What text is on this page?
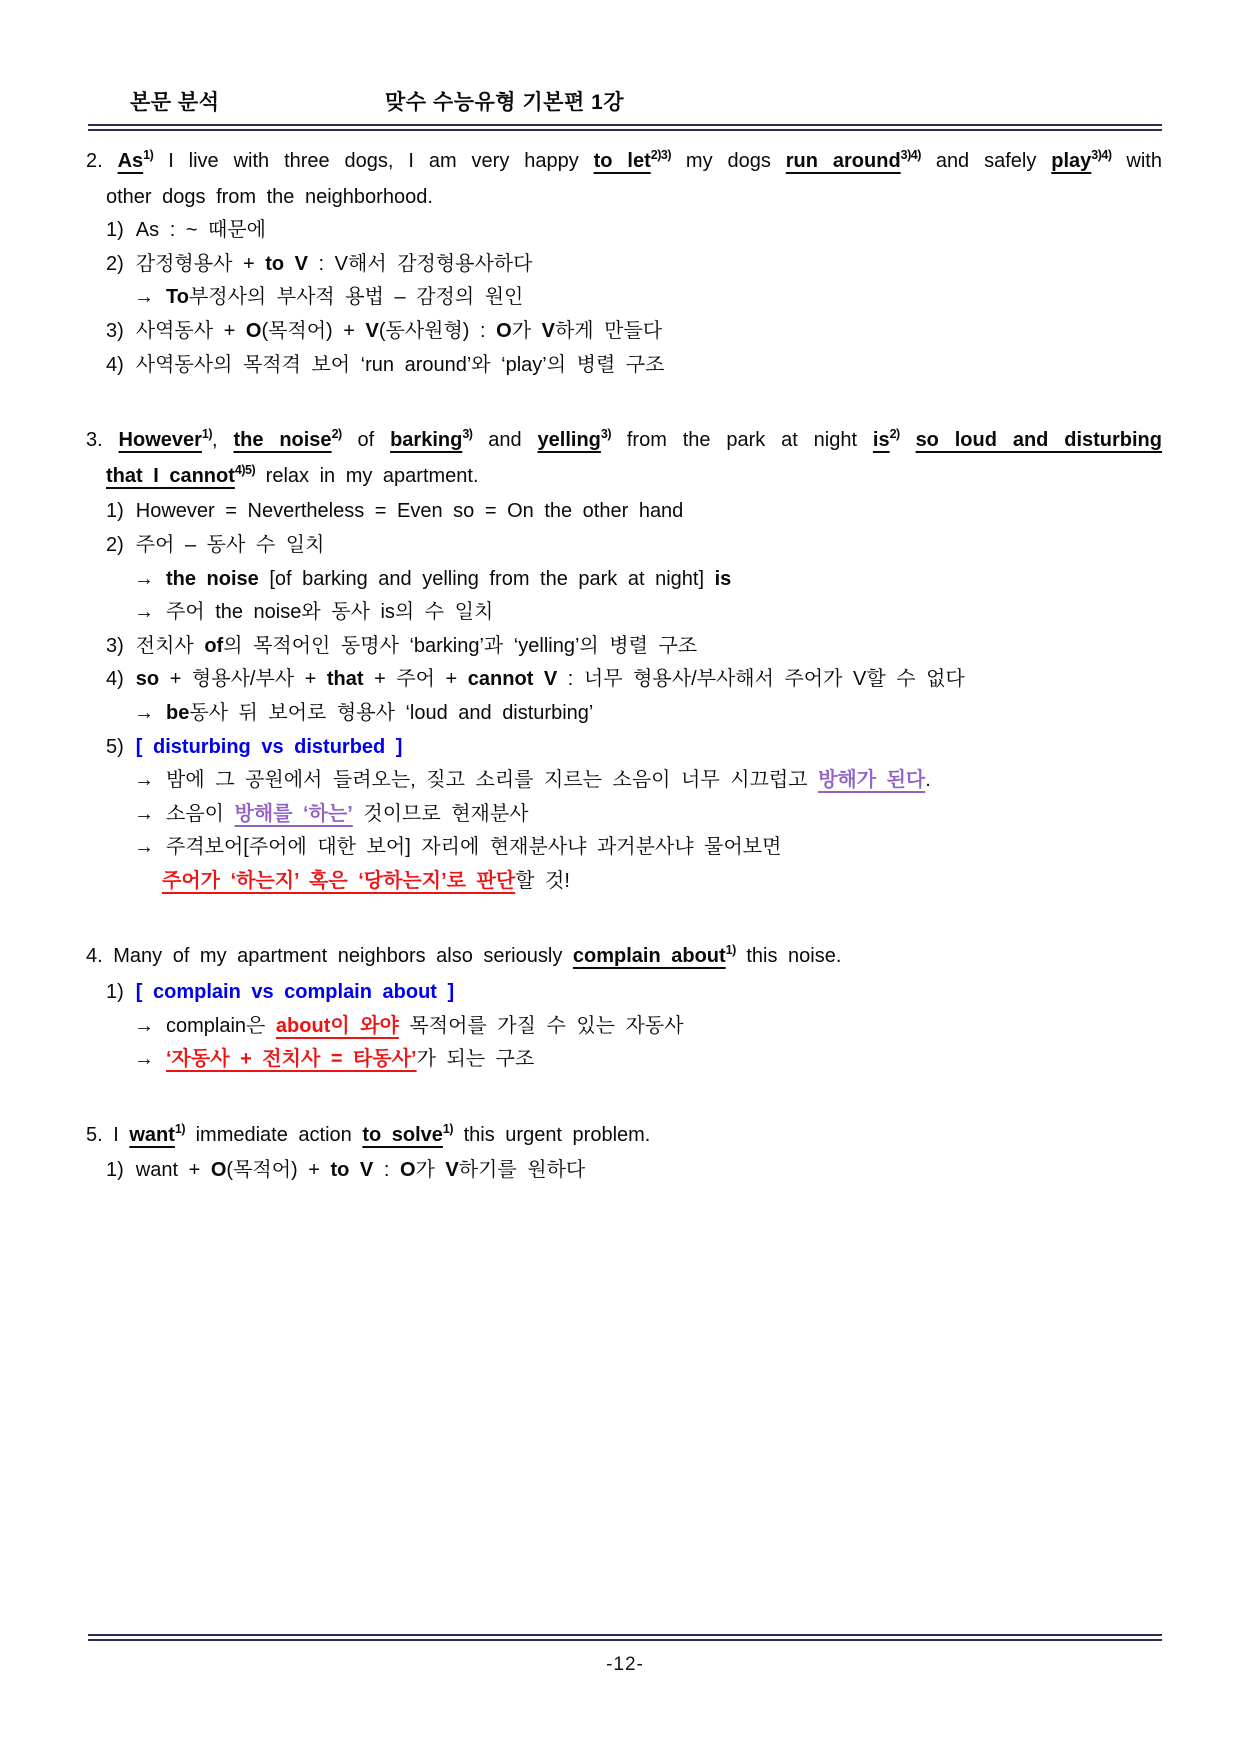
본문 분석	맞수 수능유형 기본편 1강
2. As$^{1)}$ I live with three dogs, I am very happy to let$^{2)3)}$ my dogs run around$^{3)4)}$ and safely play$^{3)4)}$ with
other dogs from the neighborhood.
1) As : ~ 때문에
2) 감정형용사 + to V : V해서 감정형용사하다
→ To부정사의 부사적 용법 – 감정의 원인
3) 사역동사 + O(목적어) + V(동사원형) : O가 V하게 만들다
4) 사역동사의 목적격 보어 ‘run around’와 ‘play’의 병렬 구조
3. However$^{1)}$, the noise$^{2)}$ of barking$^{3)}$ and yelling$^{3)}$ from the park at night $is^{2)}$ so loud and disturbing
that I cannot$^{4)5)}$ relax in my apartment.
1) However = Nevertheless = Even so = On the other hand
2) 주어 – 동사 수 일치
→ the noise [of barking and yelling from the park at night] is
→ 주어 the noise와 동사 is의 수 일치
3) 전치사 of의 목적어인 동명사 ‘barking’과 ‘yelling’의 병렬 구조
4) so + 형용사/부사 + that + 주어 + cannot V : 너무 형용사/부사해서 주어가 V할 수 없다
→ be동사 뒤 보어로 형용사 ‘loud and disturbing’
5) [ disturbing vs disturbed ]
→ 밤에 그 공원에서 들려오는, 짖고 소리를 지르는 소음이 너무 시끄럽고 방해가 된다.
→ 소음이 방해를 ‘하는’ 것이므로 현재분사
→ 주격보어[주어에 대한 보어] 자리에 현재분사냐 과거분사냐 물어보면
주어가 ‘하는지’ 혹은 ‘당하는지’로 판단할 것!
4. Many of my apartment neighbors also seriously complain about$^{1)}$ this noise.
1) [ complain vs complain about ]
→ complain은 about이 와야 목적어를 가질 수 있는 자동사
→ ‘자동사 + 전치사 = 타동사’가 되는 구조
5. I want$^{1)}$ immediate action to solve$^{1)}$ this urgent problem.
1) want + O(목적어) + to V : O가 V하기를 원하다
-12-
